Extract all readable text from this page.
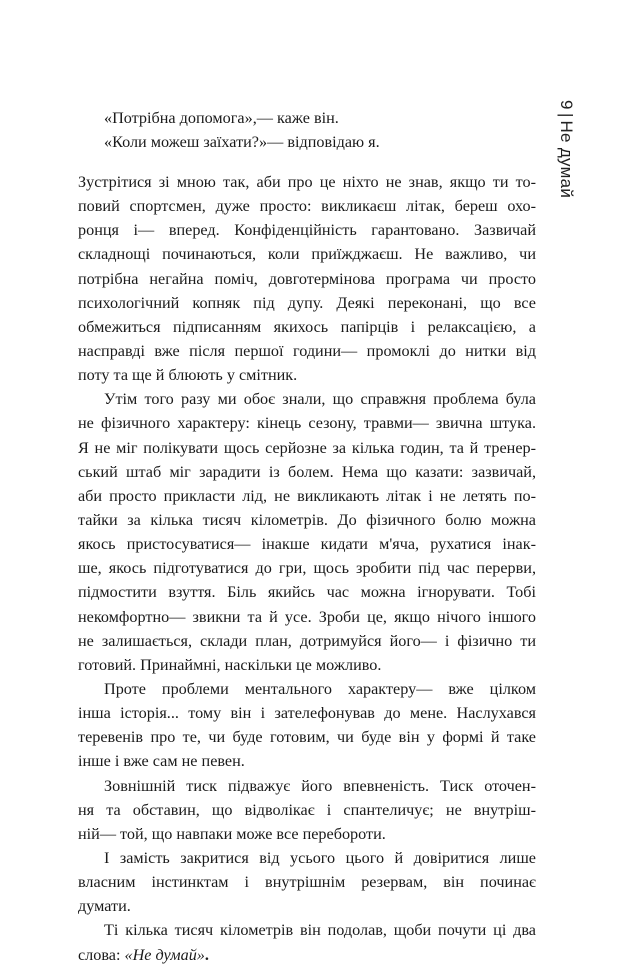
9|Не думай

«Потрібна допомога»,— каже він.

«Коли можеш заїхати?»— відповідаю я.

Зустрітися зі мною так, аби про це ніхто не знав, якщо ти то-
повий спортсмен, дуже просто: викликаєш літак, береш охо-
ронця і— вперед. Конфіденційність гарантовано. Зазвичай
складнощі починаються, коли приїжджаєш. Не важливо, чи
потрібна негайна поміч, довготермінова програма чи просто
психологічний копняк під дупу. Деякі переконані, що все
обмежиться підписанням якихось папірців і релаксацією, а
насправді вже після першої години— промоклі до нитки від
поту та ще й блюють у смітник.
Утім того разу ми обоє знали, що справжня проблема була
не фізичного характеру: кінець сезону, травми— звична штука.
Я не міг полікувати щось серйозне за кілька годин, та й тренер-
ський штаб міг зарадити із болем. Нема що казати: зазвичай,
аби просто прикласти лід, не викликають літак і не летять по-
тайки за кілька тисяч кілометрів. До фізичного болю можна
якось пристосуватися— інакше кидати м'яча, рухатися інак-
ше, якось підготуватися до гри, щось зробити під час перерви,
підмостити взуття. Біль якийсь час можна ігнорувати. Тобі
некомфортно— звикни та й усе. Зроби це, якщо нічого іншого
не залишається, склади план, дотримуйся його— і фізично ти
готовий. Принаймні, наскільки це можливо.
Проте проблеми ментального характеру— вже цілком
інша історія... тому він і зателефонував до мене. Наслухався
теревенів про те, чи буде готовим, чи буде він у формі й таке
інше і вже сам не певен.
Зовнішній тиск підважує його впевненість. Тиск оточен-
ня та обставин, що відволікає і спантеличує; не внутріш-
ній— той, що навпаки може все перебороти.
І замість закритися від усього цього й довіритися лише
власним інстинктам і внутрішнім резервам, він починає
думати.
Ті кілька тисяч кілометрів він подолав, щоби почути ці два
слова: «Не думай».
